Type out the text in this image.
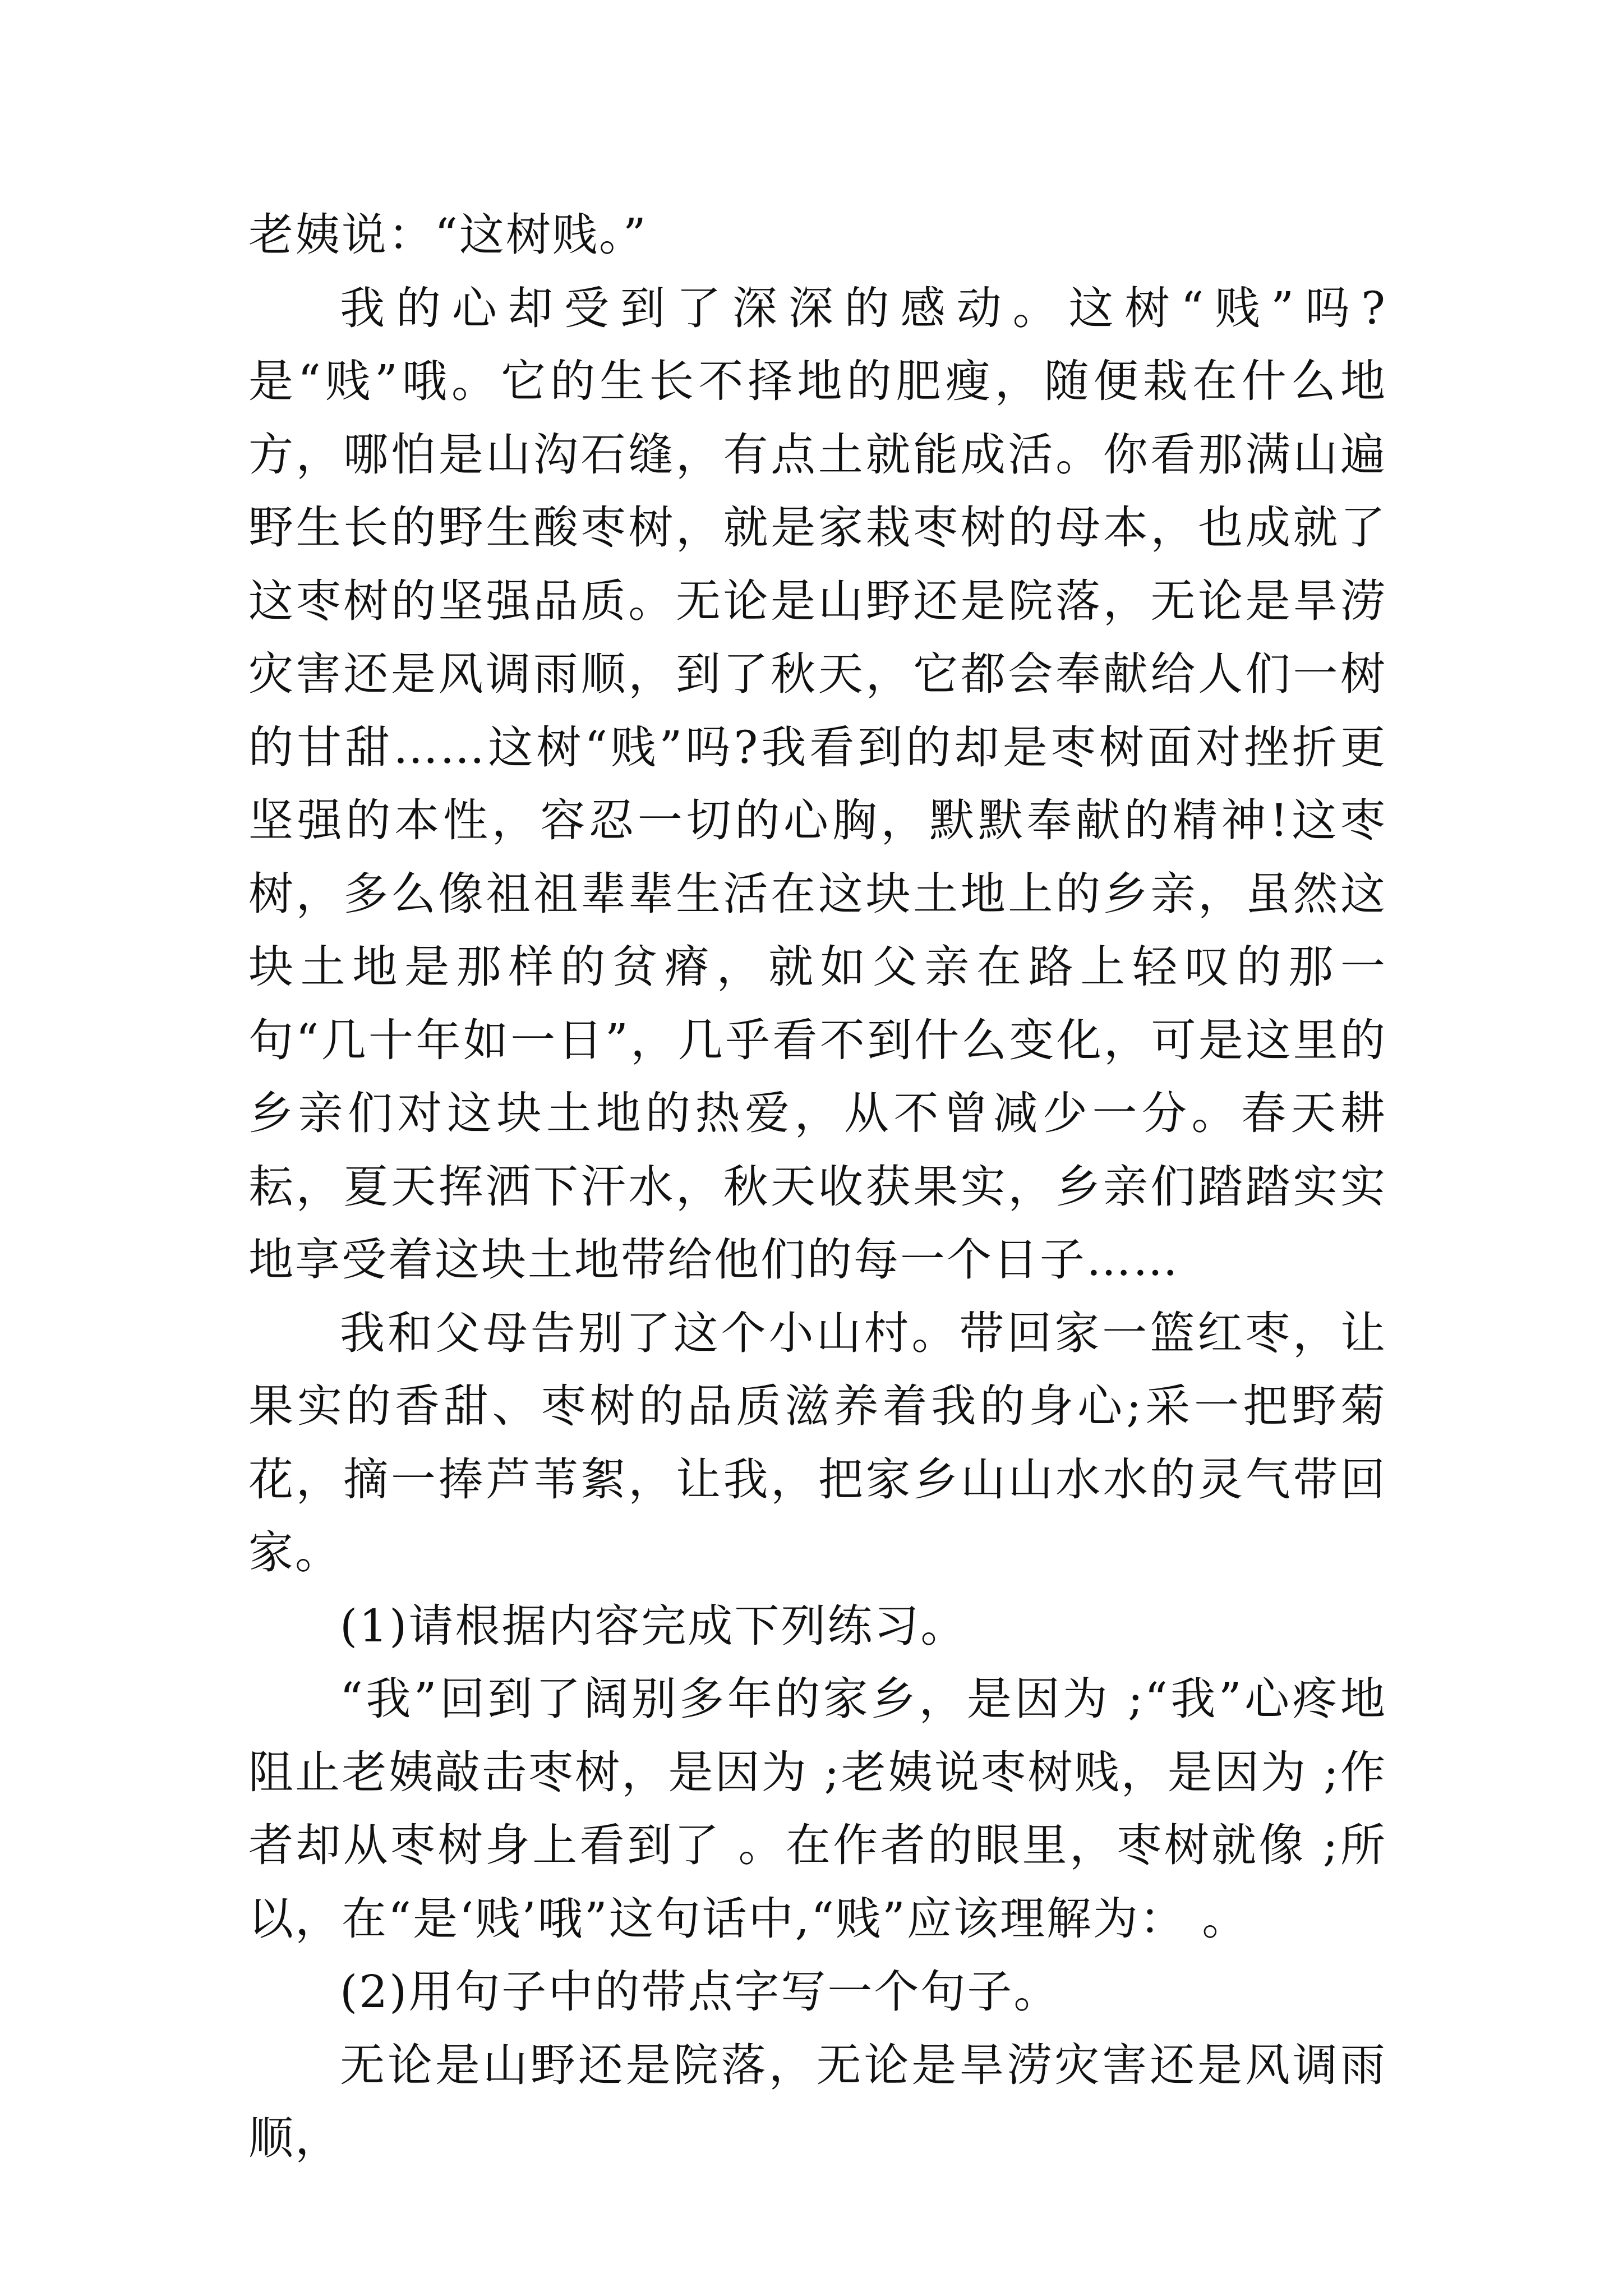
老姨说：“这树贱。”

我的心却受到了深深的感动。这树“贱”吗?是“贱”哦。它的生长不择地的肥瘦，随便栽在什么地方，哪怕是山沟石缝，有点土就能成活。你看那满山遍野生长的野生酸枣树，就是家栽枣树的母本，也成就了这枣树的坚强品质。无论是山野还是院落，无论是旱涝灾害还是风调雨顺，到了秋天，它都会奉献给人们一树的甘甜……这树“贱”吗?我看到的却是枣树面对挫折更坚强的本性，容忍一切的心胸，默默奉献的精神!这枣树，多么像祖祖辈辈生活在这块土地上的乡亲，虽然这块土地是那样的贫瘠，就如父亲在路上轻叹的那一句“几十年如一日”，几乎看不到什么变化，可是这里的乡亲们对这块土地的热爱，从不曾减少一分。春天耕耘，夏天挥洒下汗水，秋天收获果实，乡亲们踏踏实实地享受着这块土地带给他们的每一个日子……

我和父母告别了这个小山村。带回家一篮红枣，让果实的香甜、枣树的品质滋养着我的身心;采一把野菊花，摘一捧芦苇絮，让我，把家乡山山水水的灵气带回家。

(1)请根据内容完成下列练习。

“我”回到了阔别多年的家乡，是因为 ;“我”心疼地阻止老姨敲击枣树，是因为 ;老姨说枣树贱，是因为 ;作者却从枣树身上看到了 。在作者的眼里，枣树就像 ;所以，在“是‘贱’哦”这句话中,“贱”应该理解为： 。

(2)用句子中的带点字写一个句子。

无论是山野还是院落，无论是旱涝灾害还是风调雨顺，
